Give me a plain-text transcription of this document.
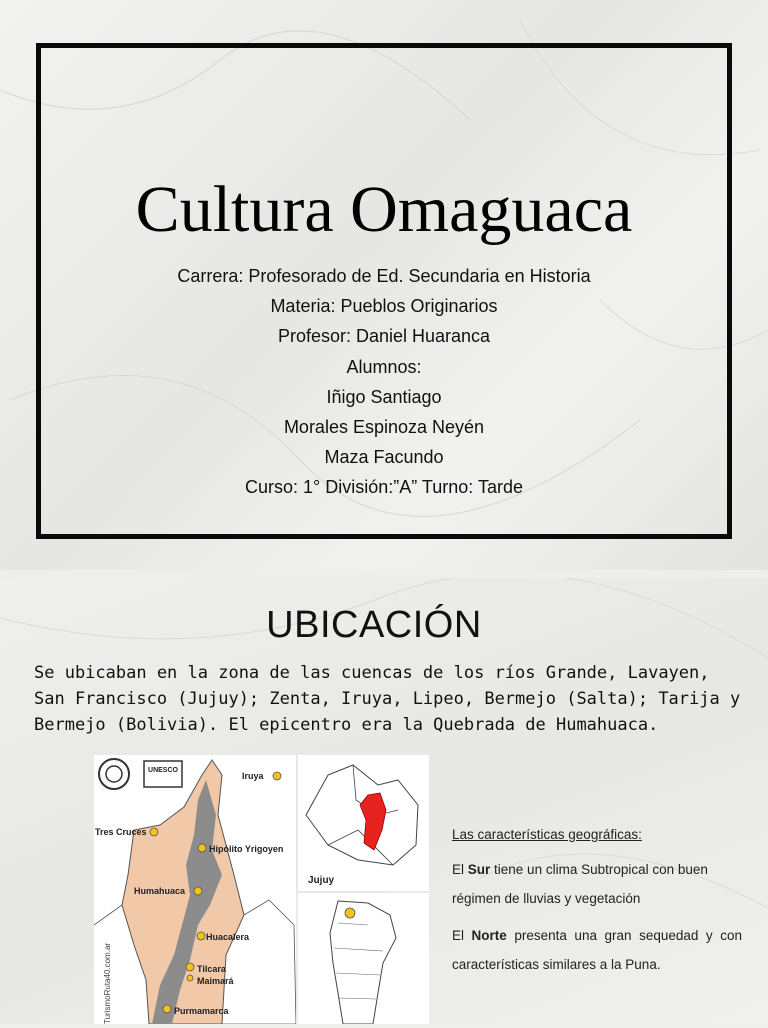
Cultura Omaguaca
Carrera: Profesorado de Ed. Secundaria en Historia
Materia: Pueblos Originarios
Profesor: Daniel Huaranca
Alumnos:
Iñigo Santiago
Morales Espinoza Neyén
Maza Facundo
Curso: 1° División:”A” Turno: Tarde
UBICACIÓN
Se ubicaban en la zona de las cuencas de los ríos Grande, Lavayen, San Francisco (Jujuy); Zenta, Iruya, Lipeo, Bermejo (Salta); Tarija y Bermejo (Bolivia). El epicentro era la Quebrada de Humahuaca.
UNESCO
Iruya
Tres Cruces
Hipólito Yrigoyen
Humahuaca
Huacalera
Tilcara
Maimará
Purmamarca
TurismoRuta40.com.ar
Jujuy
Las características geográficas:
El Sur tiene un clima Subtropical con buen régimen de lluvias y vegetación
El Norte presenta una gran sequedad y con características similares a la Puna.
